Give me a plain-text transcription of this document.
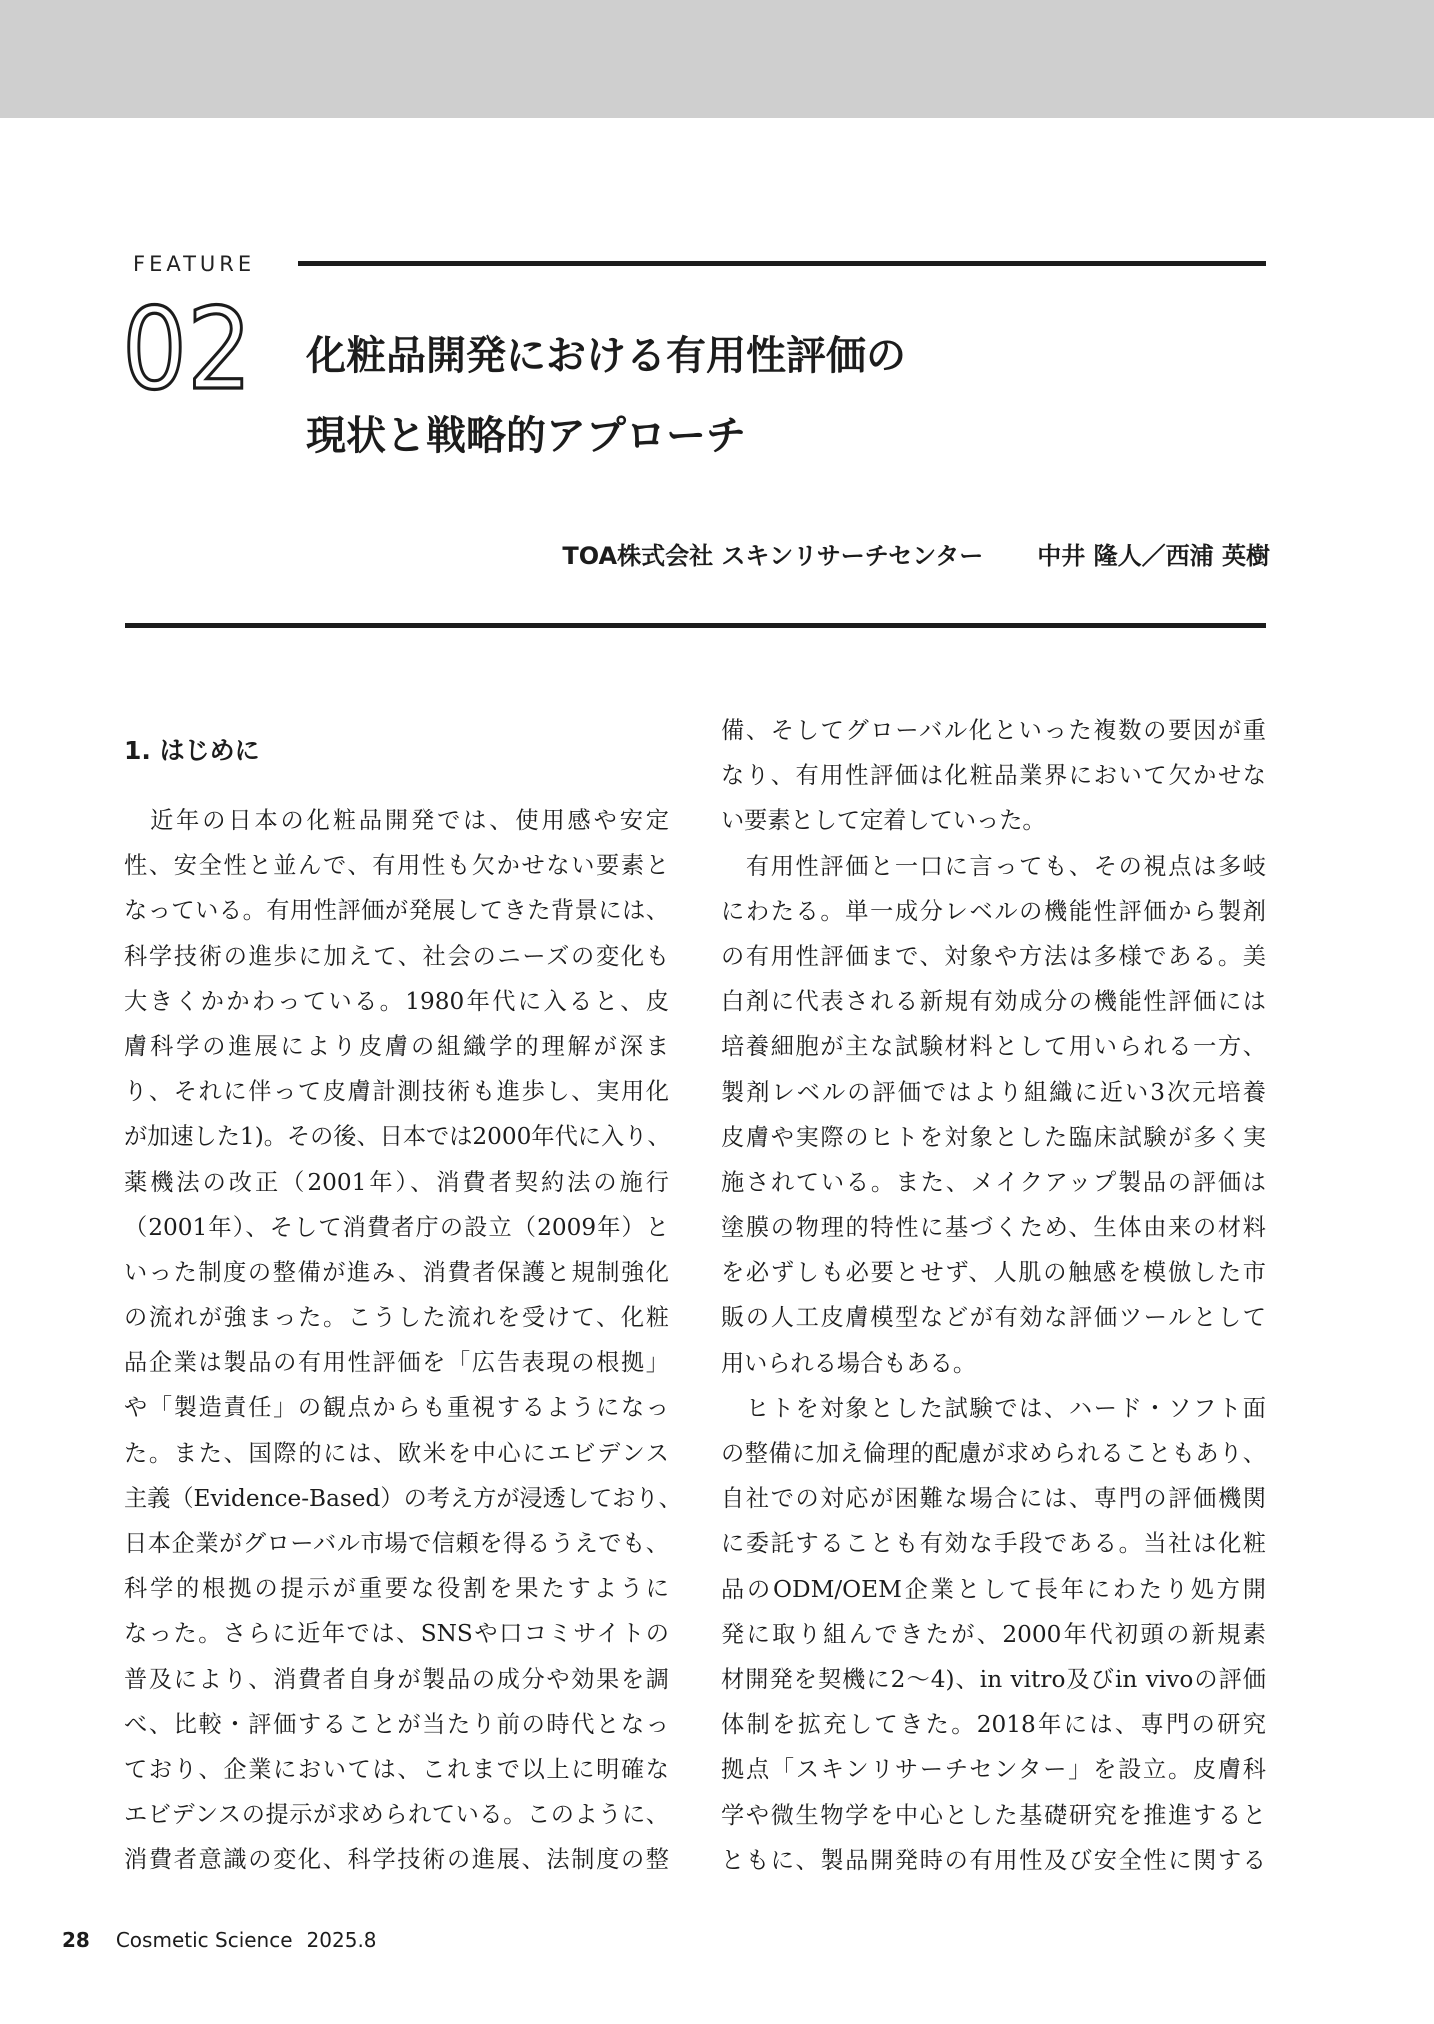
FEATURE
02 化粧品開発における有用性評価の
現状と戦略的アプローチ
TOA株式会社 スキンリサーチセンター 中井 隆人／西浦 英樹
1. はじめに
　近年の日本の化粧品開発では、使用感や安定
性、安全性と並んで、有用性も欠かせない要素と
なっている。有用性評価が発展してきた背景には、
科学技術の進歩に加えて、社会のニーズの変化も
大きくかかわっている。1980年代に入ると、皮
膚科学の進展により皮膚の組織学的理解が深ま
り、それに伴って皮膚計測技術も進歩し、実用化
が加速した1)。その後、日本では2000年代に入り、
薬機法の改正（2001年）、消費者契約法の施行
（2001年）、そして消費者庁の設立（2009年）と
いった制度の整備が進み、消費者保護と規制強化
の流れが強まった。こうした流れを受けて、化粧
品企業は製品の有用性評価を「広告表現の根拠」
や「製造責任」の観点からも重視するようになっ
た。また、国際的には、欧米を中心にエビデンス
主義（Evidence-Based）の考え方が浸透しており、
日本企業がグローバル市場で信頼を得るうえでも、
科学的根拠の提示が重要な役割を果たすように
なった。さらに近年では、SNSや口コミサイトの
普及により、消費者自身が製品の成分や効果を調
べ、比較・評価することが当たり前の時代となっ
ており、企業においては、これまで以上に明確な
エビデンスの提示が求められている。このように、
消費者意識の変化、科学技術の進展、法制度の整
備、そしてグローバル化といった複数の要因が重
なり、有用性評価は化粧品業界において欠かせな
い要素として定着していった。
　有用性評価と一口に言っても、その視点は多岐
にわたる。単一成分レベルの機能性評価から製剤
の有用性評価まで、対象や方法は多様である。美
白剤に代表される新規有効成分の機能性評価には
培養細胞が主な試験材料として用いられる一方、
製剤レベルの評価ではより組織に近い3次元培養
皮膚や実際のヒトを対象とした臨床試験が多く実
施されている。また、メイクアップ製品の評価は
塗膜の物理的特性に基づくため、生体由来の材料
を必ずしも必要とせず、人肌の触感を模倣した市
販の人工皮膚模型などが有効な評価ツールとして
用いられる場合もある。
　ヒトを対象とした試験では、ハード・ソフト面
の整備に加え倫理的配慮が求められることもあり、
自社での対応が困難な場合には、専門の評価機関
に委託することも有効な手段である。当社は化粧
品のODM/OEM企業として長年にわたり処方開
発に取り組んできたが、2000年代初頭の新規素
材開発を契機に2〜4)、in vitro及びin vivoの評価
体制を拡充してきた。2018年には、専門の研究
拠点「スキンリサーチセンター」を設立。皮膚科
学や微生物学を中心とした基礎研究を推進すると
ともに、製品開発時の有用性及び安全性に関する
28 Cosmetic Science 2025.8
